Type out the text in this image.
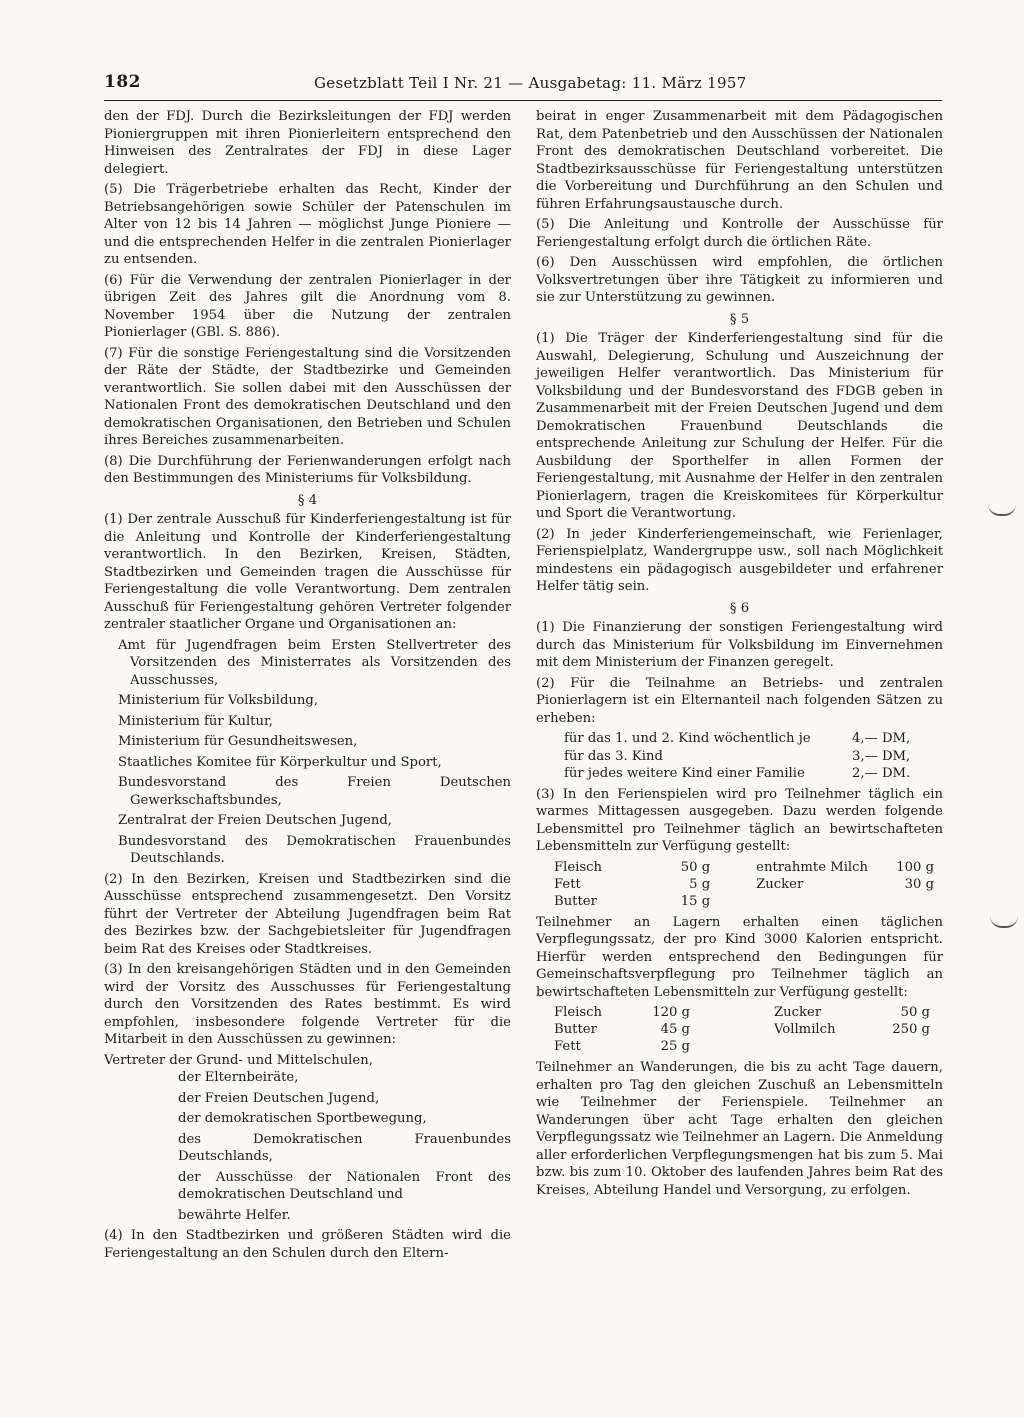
182	Gesetzblatt Teil I Nr. 21 — Ausgabetag: 11. März 1957

den der FDJ. Durch die Bezirksleitungen der FDJ werden Pioniergruppen mit ihren Pionierleitern entsprechend den Hinweisen des Zentralrates der FDJ in diese Lager delegiert.

(5) Die Trägerbetriebe erhalten das Recht, Kinder der Betriebsangehörigen sowie Schüler der Patenschulen im Alter von 12 bis 14 Jahren — möglichst Junge Pioniere — und die entsprechenden Helfer in die zentralen Pionierlager zu entsenden.

(6) Für die Verwendung der zentralen Pionierlager in der übrigen Zeit des Jahres gilt die Anordnung vom 8. November 1954 über die Nutzung der zentralen Pionierlager (GBl. S. 886).

(7) Für die sonstige Feriengestaltung sind die Vorsitzenden der Räte der Städte, der Stadtbezirke und Gemeinden verantwortlich. Sie sollen dabei mit den Ausschüssen der Nationalen Front des demokratischen Deutschland und den demokratischen Organisationen, den Betrieben und Schulen ihres Bereiches zusammenarbeiten.

(8) Die Durchführung der Ferienwanderungen erfolgt nach den Bestimmungen des Ministeriums für Volksbildung.

§ 4

(1) Der zentrale Ausschuß für Kinderferiengestaltung ist für die Anleitung und Kontrolle der Kinderferiengestaltung verantwortlich. In den Bezirken, Kreisen, Städten, Stadtbezirken und Gemeinden tragen die Ausschüsse für Feriengestaltung die volle Verantwortung. Dem zentralen Ausschuß für Feriengestaltung gehören Vertreter folgender zentraler staatlicher Organe und Organisationen an:

Amt für Jugendfragen beim Ersten Stellvertreter des Vorsitzenden des Ministerrates als Vorsitzenden des Ausschusses,
Ministerium für Volksbildung,
Ministerium für Kultur,
Ministerium für Gesundheitswesen,
Staatliches Komitee für Körperkultur und Sport,
Bundesvorstand des Freien Deutschen Gewerkschaftsbundes,
Zentralrat der Freien Deutschen Jugend,
Bundesvorstand des Demokratischen Frauenbundes Deutschlands.

(2) In den Bezirken, Kreisen und Stadtbezirken sind die Ausschüsse entsprechend zusammengesetzt. Den Vorsitz führt der Vertreter der Abteilung Jugendfragen beim Rat des Bezirkes bzw. der Sachgebietsleiter für Jugendfragen beim Rat des Kreises oder Stadtkreises.

(3) In den kreisangehörigen Städten und in den Gemeinden wird der Vorsitz des Ausschusses für Feriengestaltung durch den Vorsitzenden des Rates bestimmt. Es wird empfohlen, insbesondere folgende Vertreter für die Mitarbeit in den Ausschüssen zu gewinnen:

Vertreter der Grund- und Mittelschulen,
der Elternbeiräte,
der Freien Deutschen Jugend,
der demokratischen Sportbewegung,
des Demokratischen Frauenbundes Deutschlands,
der Ausschüsse der Nationalen Front des demokratischen Deutschland und
bewährte Helfer.

(4) In den Stadtbezirken und größeren Städten wird die Feriengestaltung an den Schulen durch den Eltern-

beirat in enger Zusammenarbeit mit dem Pädagogischen Rat, dem Patenbetrieb und den Ausschüssen der Nationalen Front des demokratischen Deutschland vorbereitet. Die Stadtbezirksausschüsse für Feriengestaltung unterstützen die Vorbereitung und Durchführung an den Schulen und führen Erfahrungsaustausche durch.

(5) Die Anleitung und Kontrolle der Ausschüsse für Feriengestaltung erfolgt durch die örtlichen Räte.

(6) Den Ausschüssen wird empfohlen, die örtlichen Volksvertretungen über ihre Tätigkeit zu informieren und sie zur Unterstützung zu gewinnen.

§ 5

(1) Die Träger der Kinderferiengestaltung sind für die Auswahl, Delegierung, Schulung und Auszeichnung der jeweiligen Helfer verantwortlich. Das Ministerium für Volksbildung und der Bundesvorstand des FDGB geben in Zusammenarbeit mit der Freien Deutschen Jugend und dem Demokratischen Frauenbund Deutschlands die entsprechende Anleitung zur Schulung der Helfer. Für die Ausbildung der Sporthelfer in allen Formen der Feriengestaltung, mit Ausnahme der Helfer in den zentralen Pionierlagern, tragen die Kreiskomitees für Körperkultur und Sport die Verantwortung.

(2) In jeder Kinderferiengemeinschaft, wie Ferienlager, Ferienspielplatz, Wandergruppe usw., soll nach Möglichkeit mindestens ein pädagogisch ausgebildeter und erfahrener Helfer tätig sein.

§ 6

(1) Die Finanzierung der sonstigen Feriengestaltung wird durch das Ministerium für Volksbildung im Einvernehmen mit dem Ministerium der Finanzen geregelt.

(2) Für die Teilnahme an Betriebs- und zentralen Pionierlagern ist ein Elternanteil nach folgenden Sätzen zu erheben:

für das 1. und 2. Kind wöchentlich je	4,— DM,
für das 3. Kind	3,— DM,
für jedes weitere Kind einer Familie	2,— DM.

(3) In den Ferienspielen wird pro Teilnehmer täglich ein warmes Mittagessen ausgegeben. Dazu werden folgende Lebensmittel pro Teilnehmer täglich an bewirtschafteten Lebensmitteln zur Verfügung gestellt:

Fleisch	50 g	entrahmte Milch	100 g
Fett	5 g	Zucker	30 g
Butter	15 g

Teilnehmer an Lagern erhalten einen täglichen Verpflegungssatz, der pro Kind 3000 Kalorien entspricht. Hierfür werden entsprechend den Bedingungen für Gemeinschaftsverpflegung pro Teilnehmer täglich an bewirtschafteten Lebensmitteln zur Verfügung gestellt:

Fleisch	120 g	Zucker	50 g
Butter	45 g	Vollmilch	250 g
Fett	25 g

Teilnehmer an Wanderungen, die bis zu acht Tage dauern, erhalten pro Tag den gleichen Zuschuß an Lebensmitteln wie Teilnehmer der Ferienspiele. Teilnehmer an Wanderungen über acht Tage erhalten den gleichen Verpflegungssatz wie Teilnehmer an Lagern. Die Anmeldung aller erforderlichen Verpflegungsmengen hat bis zum 5. Mai bzw. bis zum 10. Oktober des laufenden Jahres beim Rat des Kreises, Abteilung Handel und Versorgung, zu erfolgen.
